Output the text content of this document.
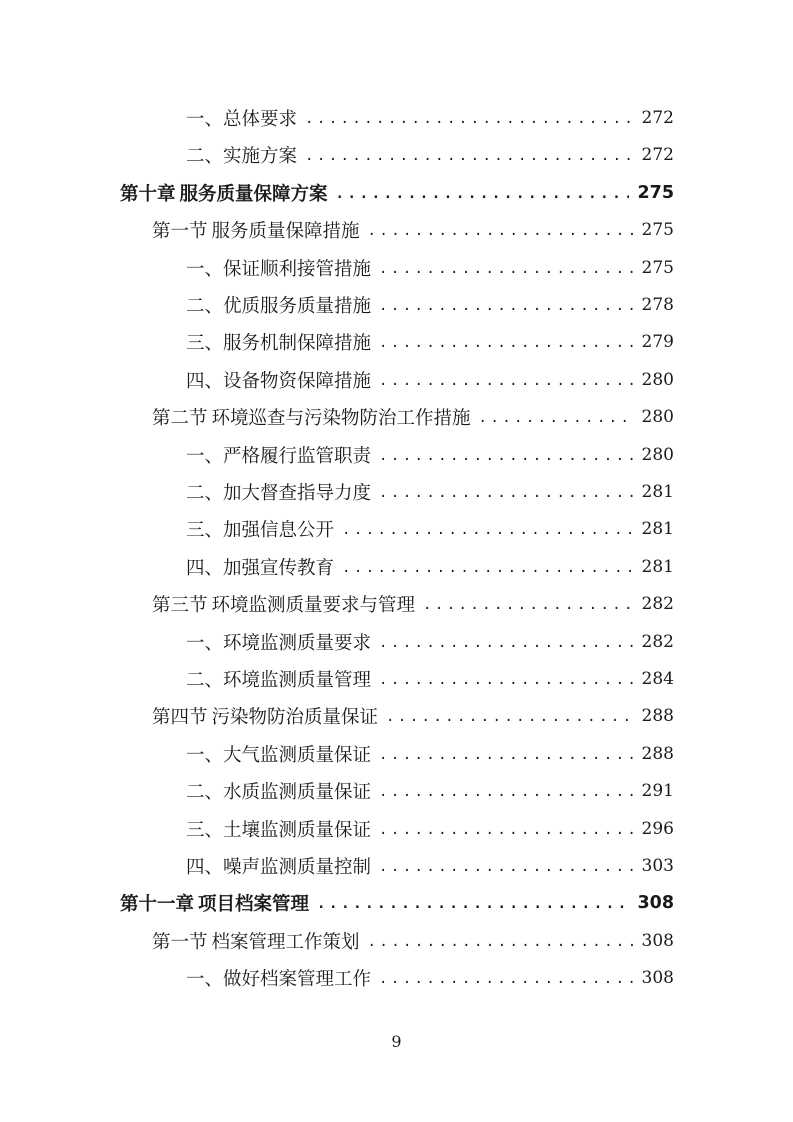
一、总体要求 .....	272
二、实施方案 .....	272
第十章 服务质量保障方案 .....	275
第一节 服务质量保障措施 .....	275
一、保证顺利接管措施 .....	275
二、优质服务质量措施 .....	278
三、服务机制保障措施 .....	279
四、设备物资保障措施 .....	280
第二节 环境巡查与污染物防治工作措施 .....	280
一、严格履行监管职责 .....	280
二、加大督查指导力度 .....	281
三、加强信息公开 .....	281
四、加强宣传教育 .....	281
第三节 环境监测质量要求与管理 .....	282
一、环境监测质量要求 .....	282
二、环境监测质量管理 .....	284
第四节 污染物防治质量保证 .....	288
一、大气监测质量保证 .....	288
二、水质监测质量保证 .....	291
三、土壤监测质量保证 .....	296
四、噪声监测质量控制 .....	303
第十一章 项目档案管理 .....	308
第一节 档案管理工作策划 .....	308
一、做好档案管理工作 .....	308
9
